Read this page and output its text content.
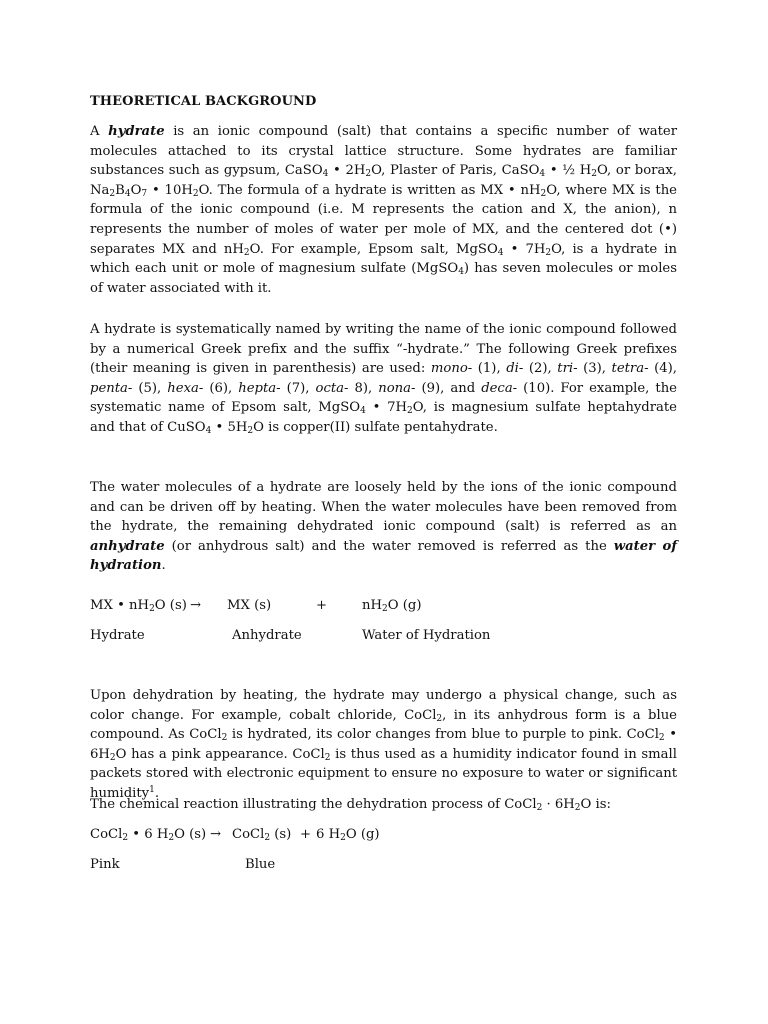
THEORETICAL BACKGROUND

A hydrate is an ionic compound (salt) that contains a specific number of water molecules attached to its crystal lattice structure. Some hydrates are familiar substances such as gypsum, CaSO$_4$ • $2H_2O$, Plaster of Paris, CaSO$_4$ • ½ $H_2O$, or borax, $Na_2B_4O_7$ • $10H_2O$. The formula of a hydrate is written as MX • $nH_2O$, where MX is the formula of the ionic compound (i.e. M represents the cation and X, the anion), n represents the number of moles of water per mole of MX, and the centered dot (•) separates MX and $nH_2O$. For example, Epsom salt, MgSO$_4$ • $7H_2O$, is a hydrate in which each unit or mole of magnesium sulfate (MgSO$_4$) has seven molecules or moles of water associated with it.

A hydrate is systematically named by writing the name of the ionic compound followed by a numerical Greek prefix and the suffix “-hydrate.” The following Greek prefixes (their meaning is given in parenthesis) are used: mono- (1), di- (2), tri- (3), tetra- (4), penta- (5), hexa- (6), hepta- (7), octa- 8), nona- (9), and deca- (10). For example, the systematic name of Epsom salt, MgSO$_4$ • $7H_2O$, is magnesium sulfate heptahydrate and that of CuSO$_4$ • $5H_2O$ is copper(II) sulfate pentahydrate.

The water molecules of a hydrate are loosely held by the ions of the ionic compound and can be driven off by heating. When the water molecules have been removed from the hydrate, the remaining dehydrated ionic compound (salt) is referred as an anhydrate (or anhydrous salt) and the water removed is referred as the water of hydration.

MX • $nH_2O$ (s) → MX (s)	+	$nH_2O$ (g)

Hydrate	Anhydrate	Water of Hydration

Upon dehydration by heating, the hydrate may undergo a physical change, such as color change. For example, cobalt chloride, CoCl$_2$, in its anhydrous form is a blue compound. As CoCl$_2$ is hydrated, its color changes from blue to purple to pink. CoCl$_2$ • $6H_2O$ has a pink appearance. CoCl$_2$ is thus used as a humidity indicator found in small packets stored with electronic equipment to ensure no exposure to water or significant humidity$^1$.

The chemical reaction illustrating the dehydration process of CoCl$_2$ · $6H_2O$ is:

CoCl$_2$ • 6 $H_2O$ (s) → CoCl$_2$ (s) + 6 $H_2O$ (g)

Pink	Blue
